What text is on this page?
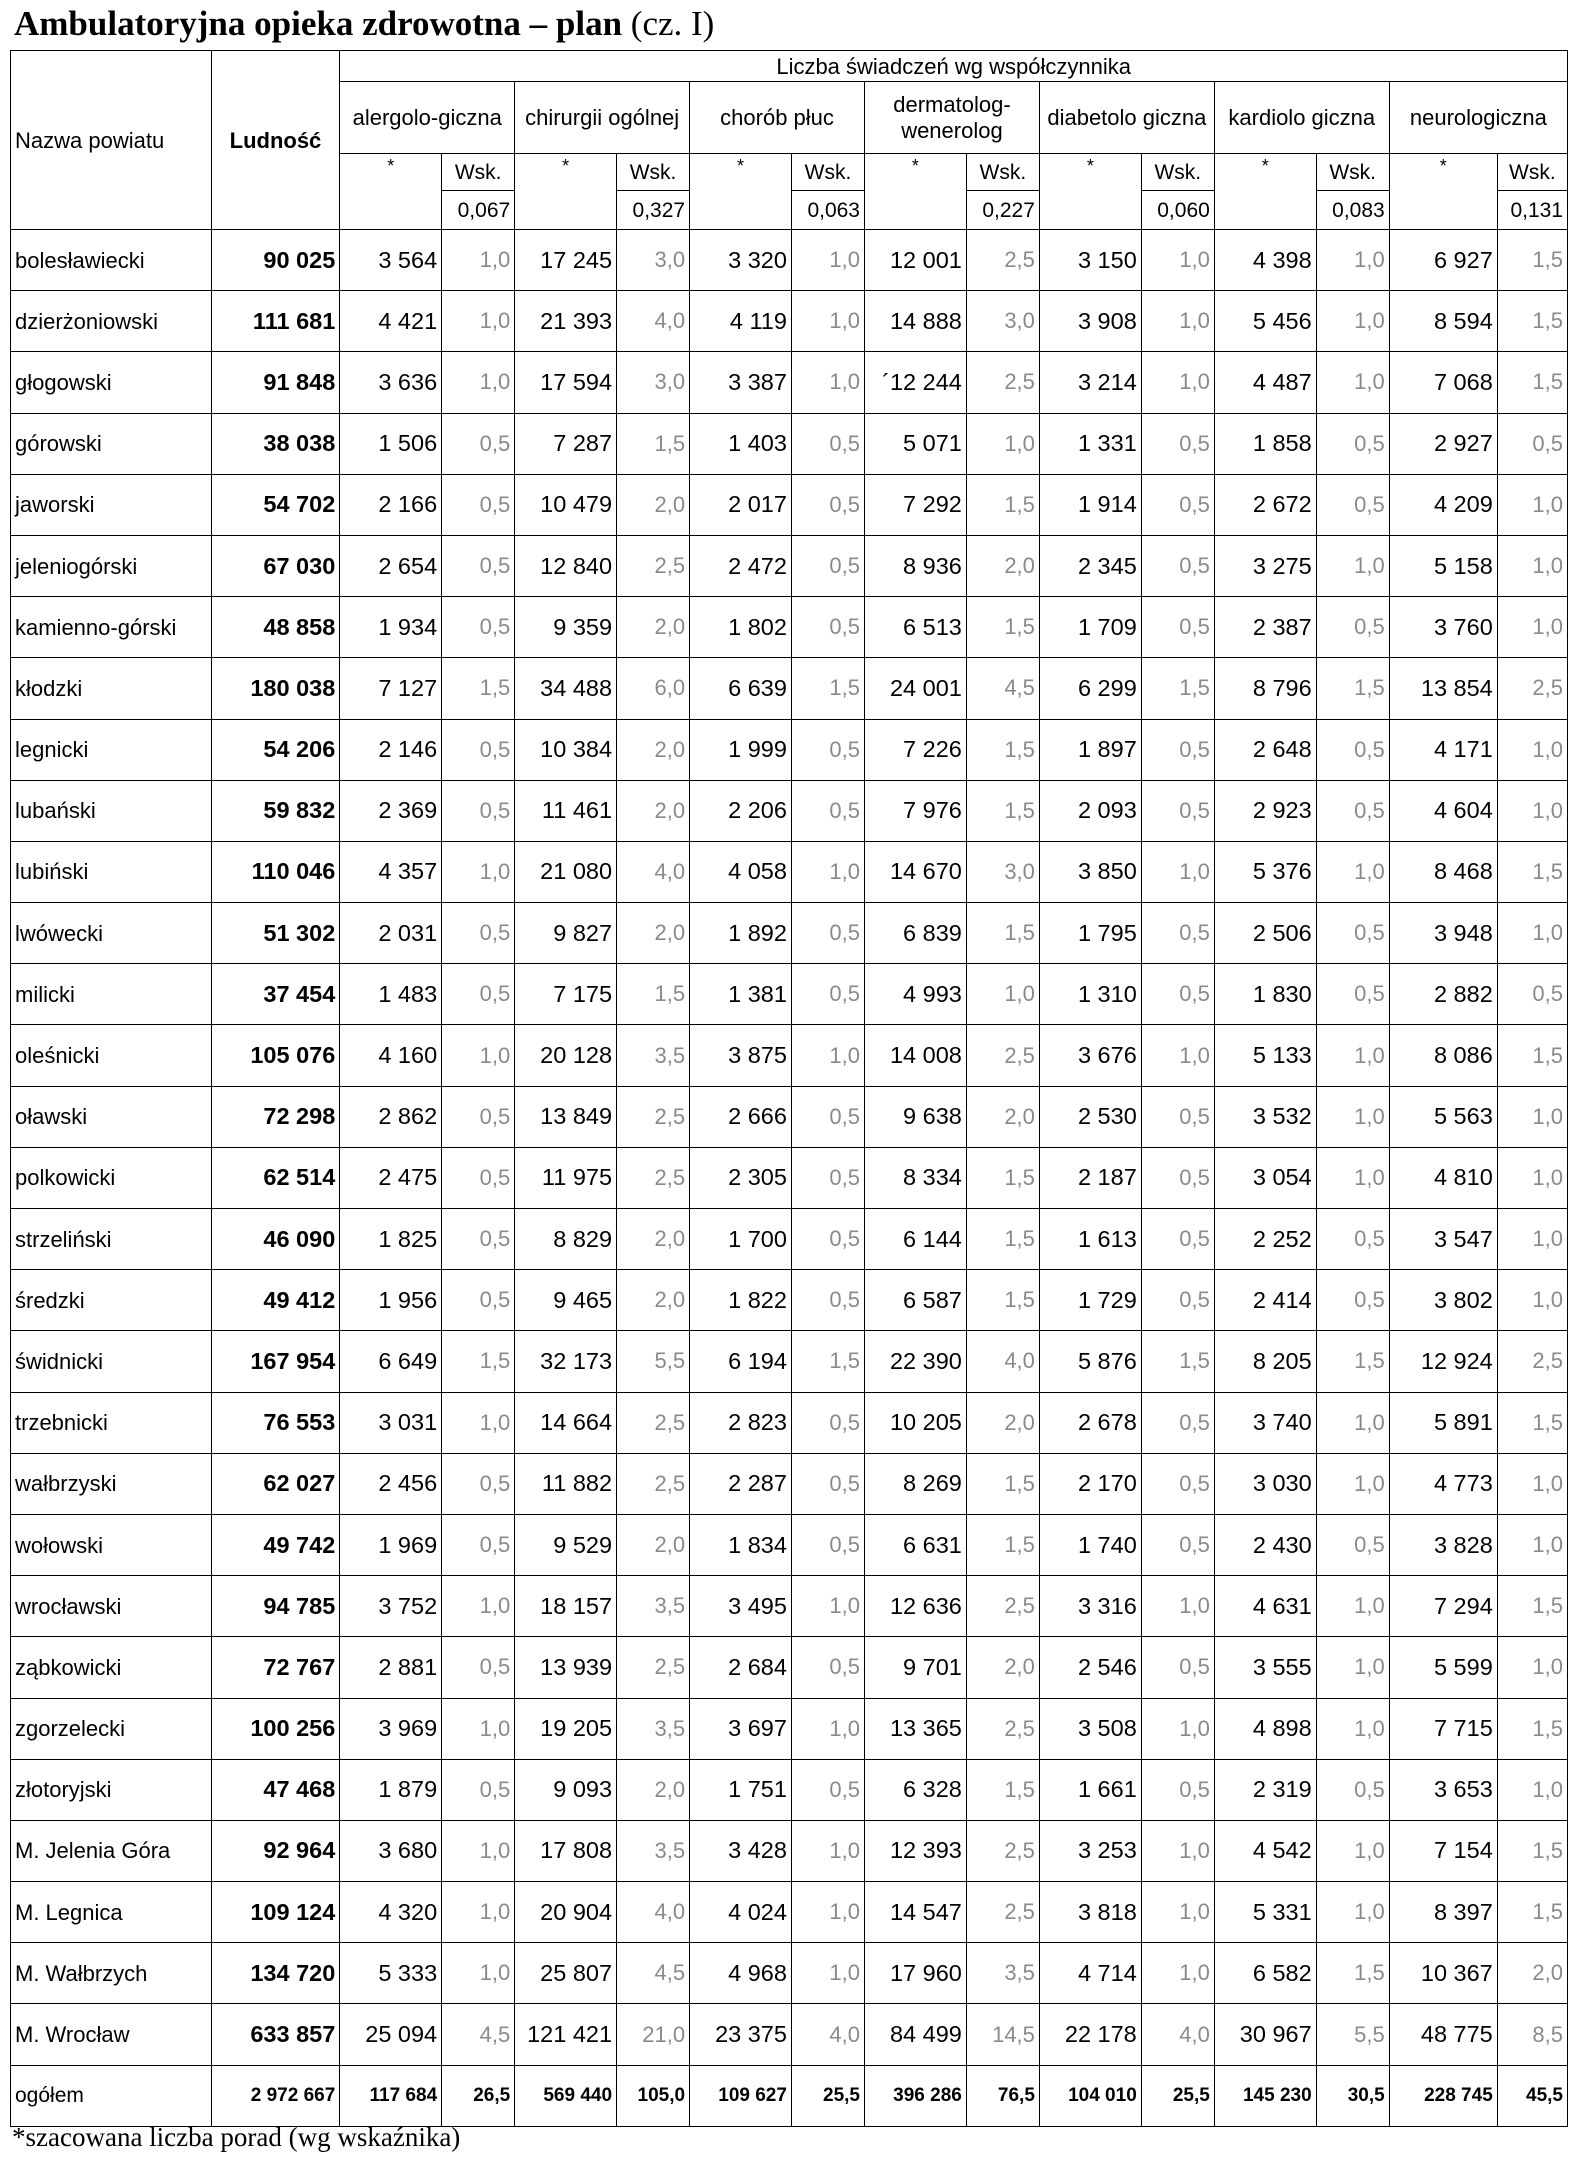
Ambulatoryjna opieka zdrowotna – plan (cz. I)
Nazwa powiatu	Ludność	Liczba świadczeń wg współczynnika													
		alergolo-giczna		chirurgii ogólnej		chorób płuc		dermatolog-wenerolog		diabetolo giczna		kardiolo giczna		neurologiczna	
		*	Wsk.	*	Wsk.	*	Wsk.	*	Wsk.	*	Wsk.	*	Wsk.	*	Wsk.
			0,067		0,327		0,063		0,227		0,060		0,083		0,131
bolesławiecki	90 025	3 564	1,0	17 245	3,0	3 320	1,0	12 001	2,5	3 150	1,0	4 398	1,0	6 927	1,5
dzierżoniowski	111 681	4 421	1,0	21 393	4,0	4 119	1,0	14 888	3,0	3 908	1,0	5 456	1,0	8 594	1,5
głogowski	91 848	3 636	1,0	17 594	3,0	3 387	1,0	´12 244	2,5	3 214	1,0	4 487	1,0	7 068	1,5
górowski	38 038	1 506	0,5	7 287	1,5	1 403	0,5	5 071	1,0	1 331	0,5	1 858	0,5	2 927	0,5
jaworski	54 702	2 166	0,5	10 479	2,0	2 017	0,5	7 292	1,5	1 914	0,5	2 672	0,5	4 209	1,0
jeleniogórski	67 030	2 654	0,5	12 840	2,5	2 472	0,5	8 936	2,0	2 345	0,5	3 275	1,0	5 158	1,0
kamienno-górski	48 858	1 934	0,5	9 359	2,0	1 802	0,5	6 513	1,5	1 709	0,5	2 387	0,5	3 760	1,0
kłodzki	180 038	7 127	1,5	34 488	6,0	6 639	1,5	24 001	4,5	6 299	1,5	8 796	1,5	13 854	2,5
legnicki	54 206	2 146	0,5	10 384	2,0	1 999	0,5	7 226	1,5	1 897	0,5	2 648	0,5	4 171	1,0
lubański	59 832	2 369	0,5	11 461	2,0	2 206	0,5	7 976	1,5	2 093	0,5	2 923	0,5	4 604	1,0
lubiński	110 046	4 357	1,0	21 080	4,0	4 058	1,0	14 670	3,0	3 850	1,0	5 376	1,0	8 468	1,5
lwówecki	51 302	2 031	0,5	9 827	2,0	1 892	0,5	6 839	1,5	1 795	0,5	2 506	0,5	3 948	1,0
milicki	37 454	1 483	0,5	7 175	1,5	1 381	0,5	4 993	1,0	1 310	0,5	1 830	0,5	2 882	0,5
oleśnicki	105 076	4 160	1,0	20 128	3,5	3 875	1,0	14 008	2,5	3 676	1,0	5 133	1,0	8 086	1,5
oławski	72 298	2 862	0,5	13 849	2,5	2 666	0,5	9 638	2,0	2 530	0,5	3 532	1,0	5 563	1,0
polkowicki	62 514	2 475	0,5	11 975	2,5	2 305	0,5	8 334	1,5	2 187	0,5	3 054	1,0	4 810	1,0
strzeliński	46 090	1 825	0,5	8 829	2,0	1 700	0,5	6 144	1,5	1 613	0,5	2 252	0,5	3 547	1,0
średzki	49 412	1 956	0,5	9 465	2,0	1 822	0,5	6 587	1,5	1 729	0,5	2 414	0,5	3 802	1,0
świdnicki	167 954	6 649	1,5	32 173	5,5	6 194	1,5	22 390	4,0	5 876	1,5	8 205	1,5	12 924	2,5
trzebnicki	76 553	3 031	1,0	14 664	2,5	2 823	0,5	10 205	2,0	2 678	0,5	3 740	1,0	5 891	1,5
wałbrzyski	62 027	2 456	0,5	11 882	2,5	2 287	0,5	8 269	1,5	2 170	0,5	3 030	1,0	4 773	1,0
wołowski	49 742	1 969	0,5	9 529	2,0	1 834	0,5	6 631	1,5	1 740	0,5	2 430	0,5	3 828	1,0
wrocławski	94 785	3 752	1,0	18 157	3,5	3 495	1,0	12 636	2,5	3 316	1,0	4 631	1,0	7 294	1,5
ząbkowicki	72 767	2 881	0,5	13 939	2,5	2 684	0,5	9 701	2,0	2 546	0,5	3 555	1,0	5 599	1,0
zgorzelecki	100 256	3 969	1,0	19 205	3,5	3 697	1,0	13 365	2,5	3 508	1,0	4 898	1,0	7 715	1,5
złotoryjski	47 468	1 879	0,5	9 093	2,0	1 751	0,5	6 328	1,5	1 661	0,5	2 319	0,5	3 653	1,0
M. Jelenia Góra	92 964	3 680	1,0	17 808	3,5	3 428	1,0	12 393	2,5	3 253	1,0	4 542	1,0	7 154	1,5
M. Legnica	109 124	4 320	1,0	20 904	4,0	4 024	1,0	14 547	2,5	3 818	1,0	5 331	1,0	8 397	1,5
M. Wałbrzych	134 720	5 333	1,0	25 807	4,5	4 968	1,0	17 960	3,5	4 714	1,0	6 582	1,5	10 367	2,0
M. Wrocław	633 857	25 094	4,5	121 421	21,0	23 375	4,0	84 499	14,5	22 178	4,0	30 967	5,5	48 775	8,5
ogółem	2 972 667	117 684	26,5	569 440	105,0	109 627	25,5	396 286	76,5	104 010	25,5	145 230	30,5	228 745	45,5
*szacowana liczba porad (wg wskaźnika)
